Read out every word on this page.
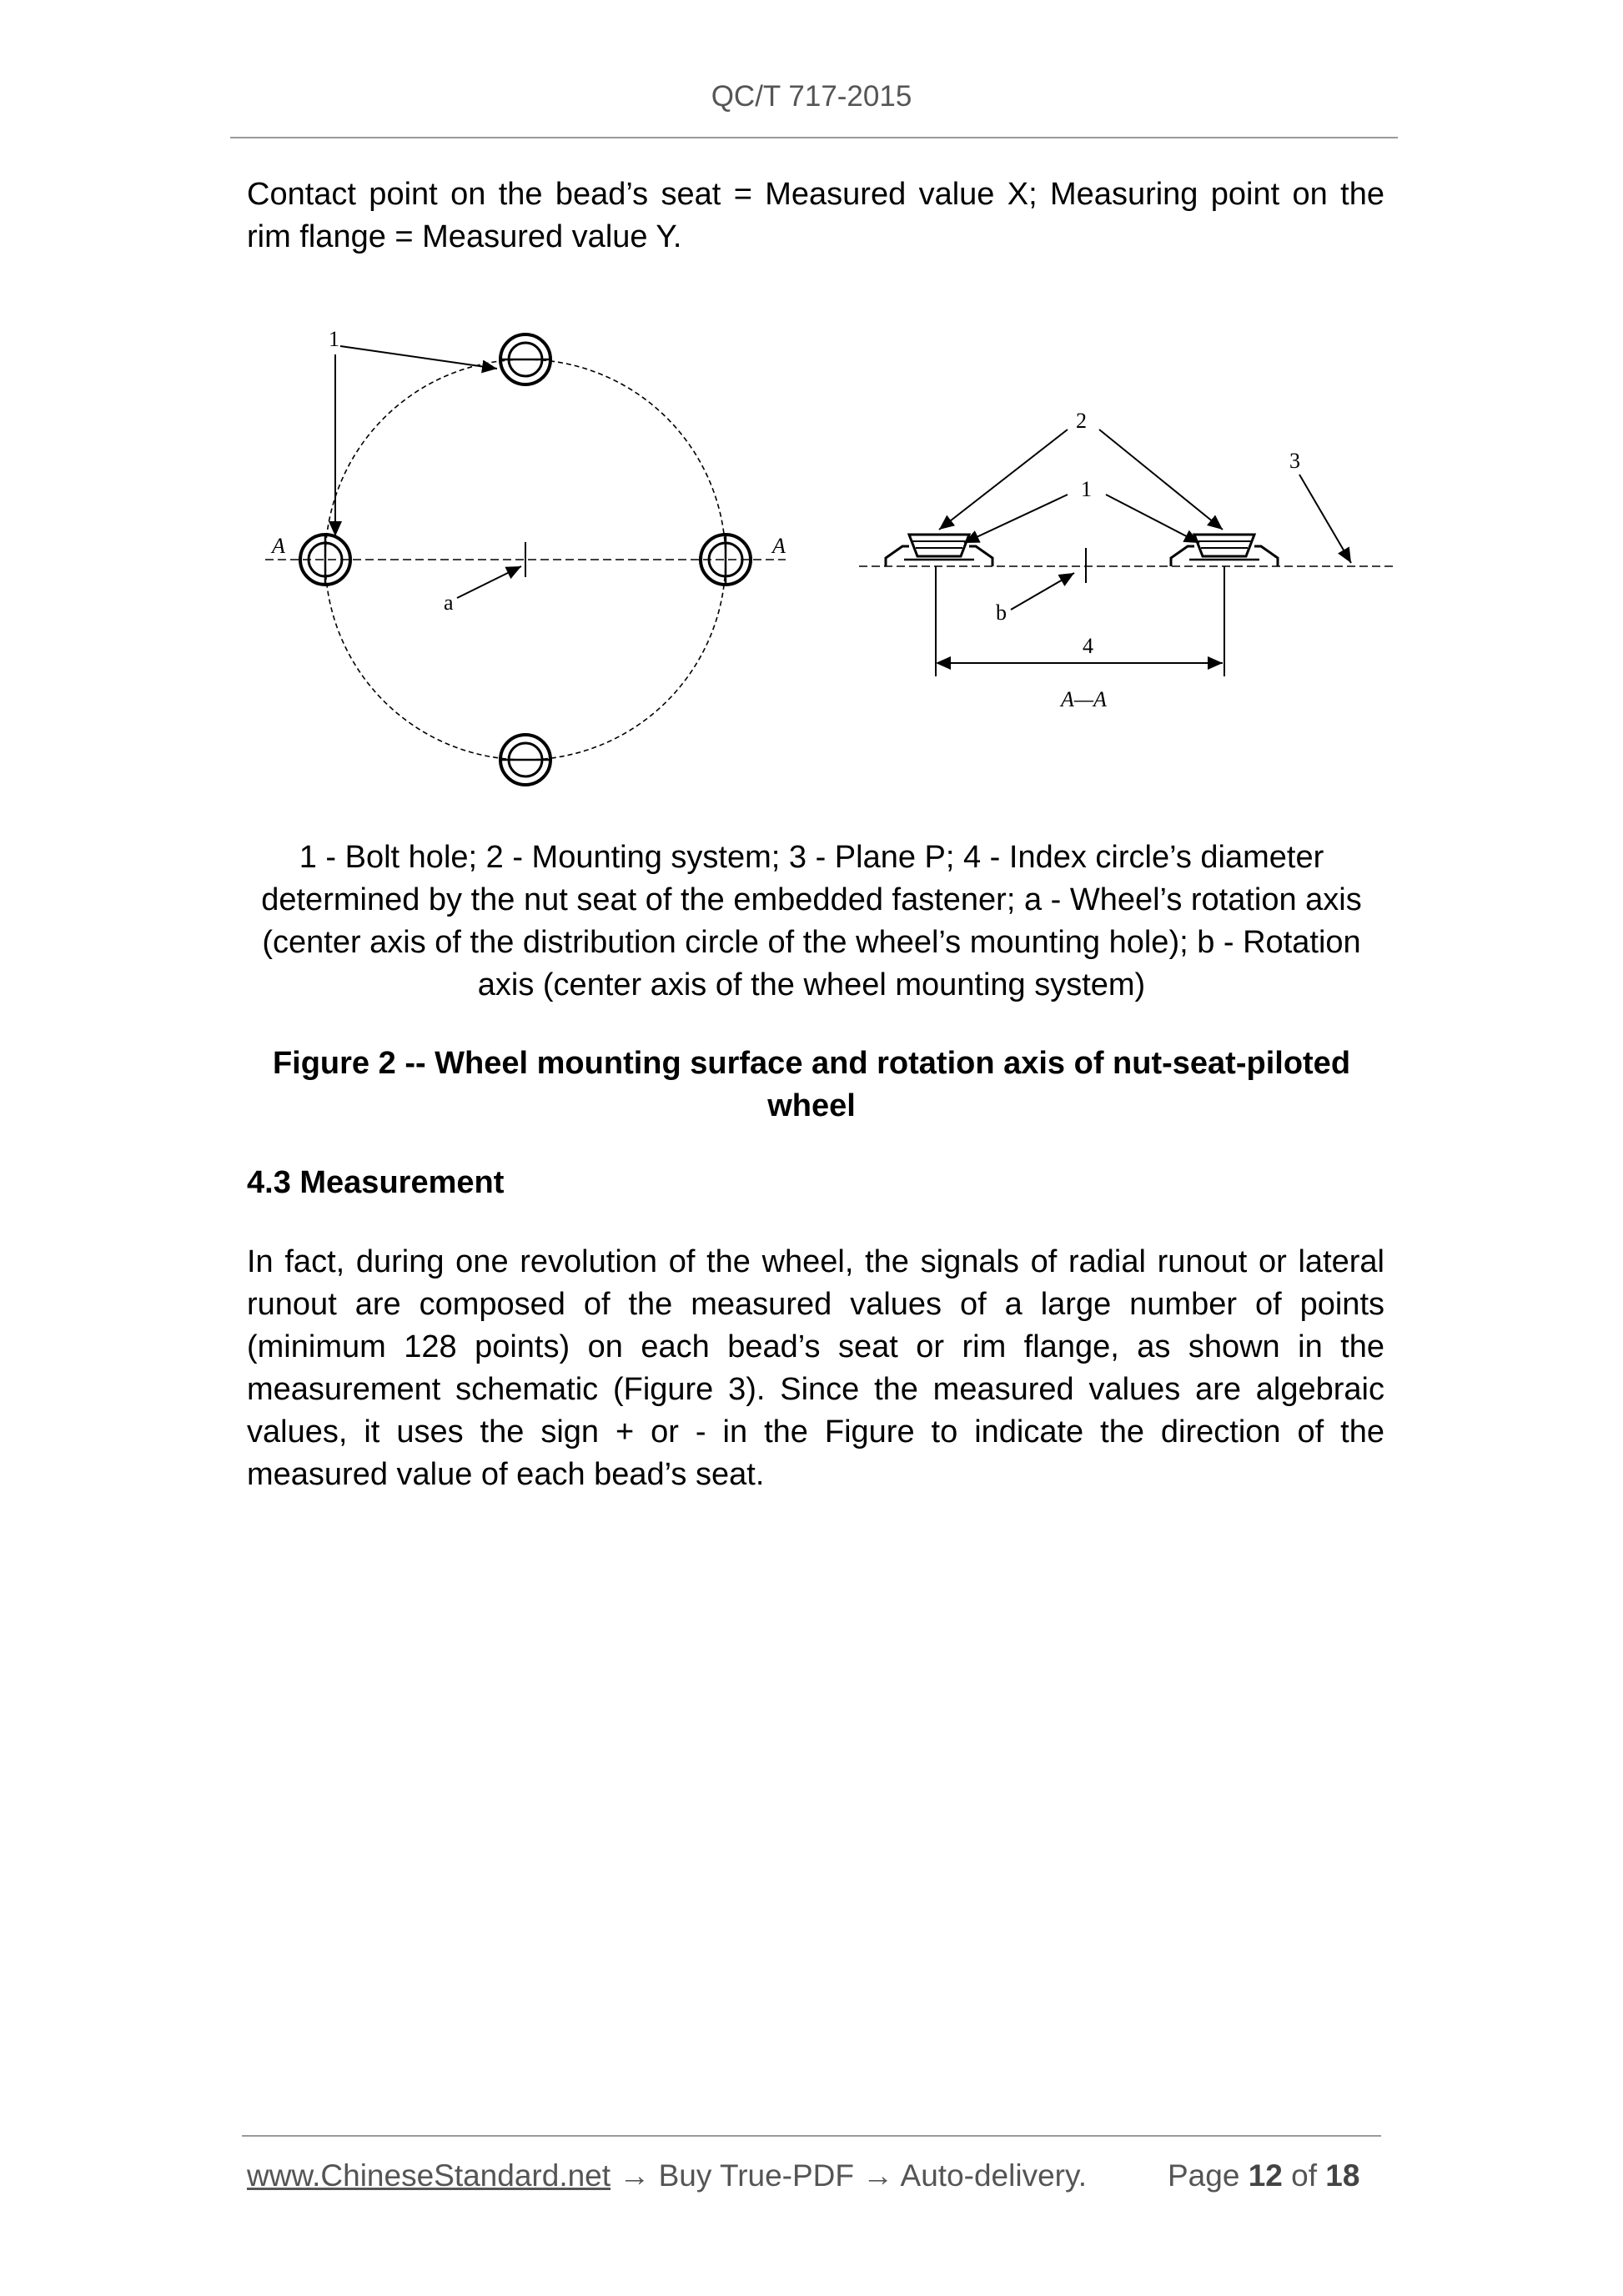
QC/T 717-2015
Contact point on the bead’s seat = Measured value X; Measuring point on the rim flange = Measured value Y.
1
A	A
a
2
1
3
b
4
A—A
1 - Bolt hole; 2 - Mounting system; 3 - Plane P; 4 - Index circle’s diameter determined by the nut seat of the embedded fastener; a - Wheel’s rotation axis (center axis of the distribution circle of the wheel’s mounting hole); b - Rotation axis (center axis of the wheel mounting system)
Figure 2 -- Wheel mounting surface and rotation axis of nut-seat-piloted wheel
4.3 Measurement
In fact, during one revolution of the wheel, the signals of radial runout or lateral runout are composed of the measured values of a large number of points (minimum 128 points) on each bead’s seat or rim flange, as shown in the measurement schematic (Figure 3). Since the measured values are algebraic values, it uses the sign + or - in the Figure to indicate the direction of the measured value of each bead’s seat.
www.ChineseStandard.net → Buy True-PDF → Auto-delivery.	Page 12 of 18
